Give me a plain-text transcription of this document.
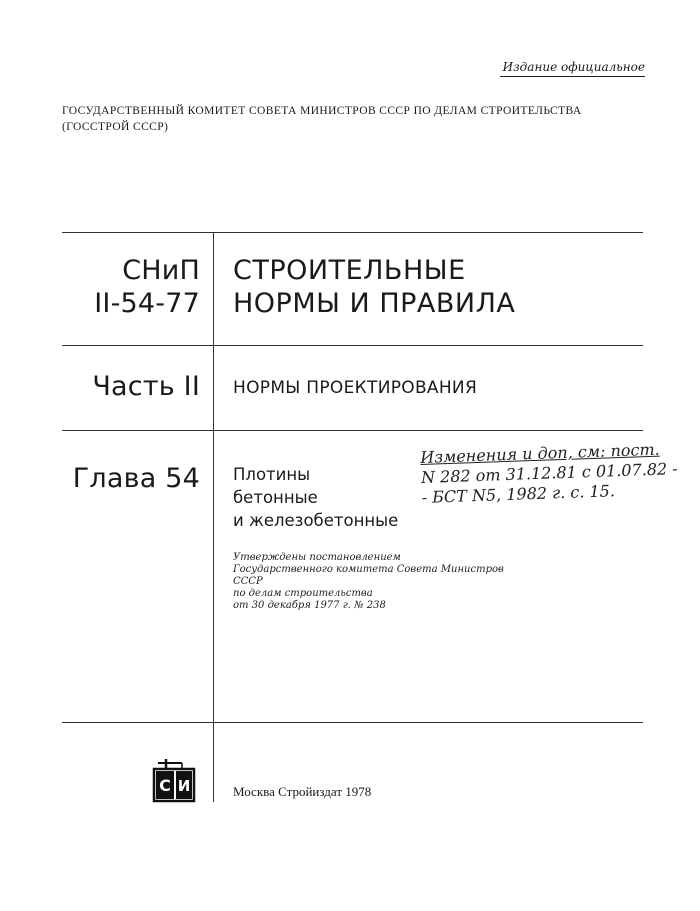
Издание официальное
ГОСУДАРСТВЕННЫЙ КОМИТЕТ СОВЕТА МИНИСТРОВ СССР ПО ДЕЛАМ СТРОИТЕЛЬСТВА
(ГОССТРОЙ СССР)
СНиП
II-54-77
СТРОИТЕЛЬНЫЕ
НОРМЫ И ПРАВИЛА
Часть II НОРМЫ ПРОЕКТИРОВАНИЯ
Глава 54 Плотины
бетонные
и железобетонные
Изменения и доп, см: пост.
N 282 от 31.12.81 с 01.07.82 -
- БСТ N5, 1982 г. с. 15.
Утверждены постановлением
Государственного комитета Совета Министров СССР
по делам строительства
от 30 декабря 1977 г. № 238
С И	Москва Стройиздат 1978
